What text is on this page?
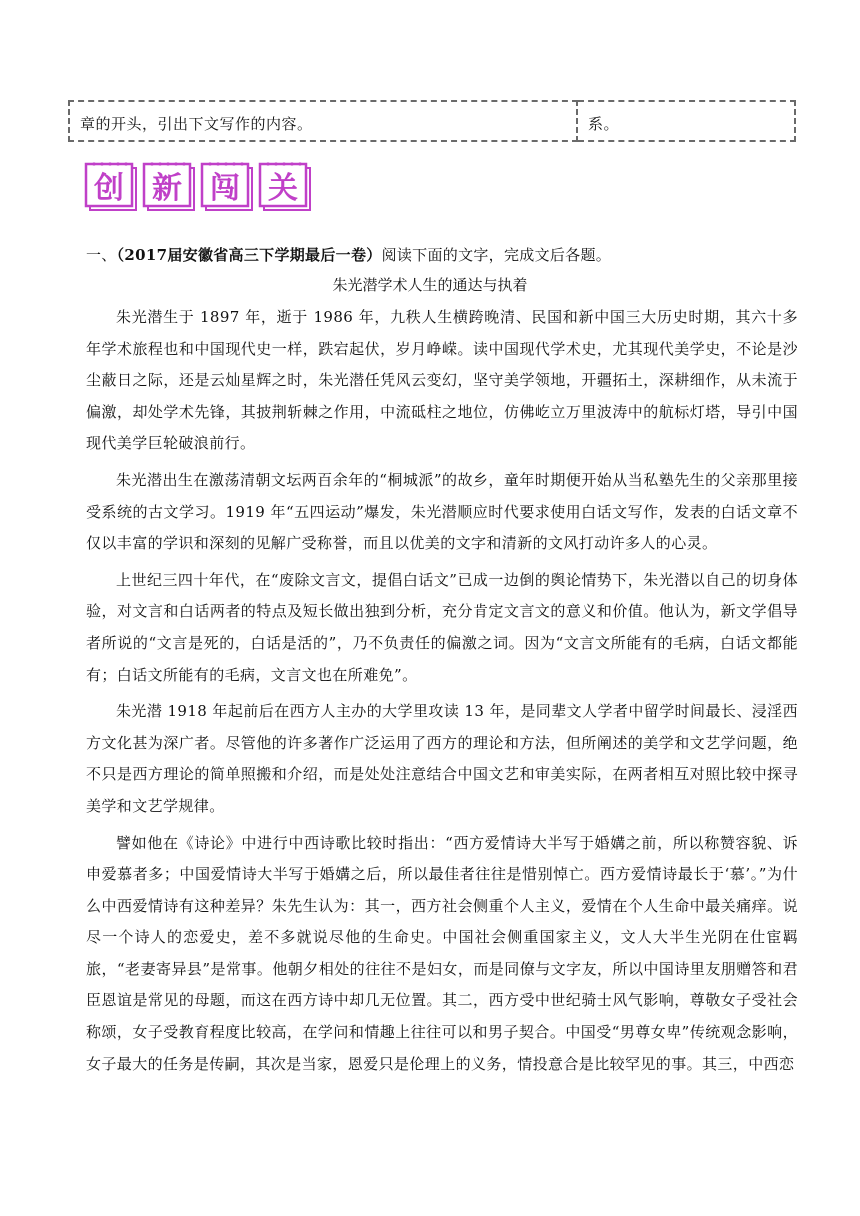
章的开头，引出下文写作的内容。	系。
创 新 闯 关
一、（2017届安徽省高三下学期最后一卷）阅读下面的文字，完成文后各题。
朱光潜学术人生的通达与执着

朱光潜生于 1897 年，逝于 1986 年，九秩人生横跨晚清、民国和新中国三大历史时期，其六十多年学术旅程也和中国现代史一样，跌宕起伏，岁月峥嵘。读中国现代学术史，尤其现代美学史，不论是沙尘蔽日之际，还是云灿星辉之时，朱光潜任凭风云变幻，坚守美学领地，开疆拓土，深耕细作，从未流于偏激，却处学术先锋，其披荆斩棘之作用，中流砥柱之地位，仿佛屹立万里波涛中的航标灯塔，导引中国现代美学巨轮破浪前行。

朱光潜出生在激荡清朝文坛两百余年的“桐城派”的故乡，童年时期便开始从当私塾先生的父亲那里接受系统的古文学习。1919 年“五四运动”爆发，朱光潜顺应时代要求使用白话文写作，发表的白话文章不仅以丰富的学识和深刻的见解广受称誉，而且以优美的文字和清新的文风打动许多人的心灵。

上世纪三四十年代，在“废除文言文，提倡白话文”已成一边倒的舆论情势下，朱光潜以自己的切身体验，对文言和白话两者的特点及短长做出独到分析，充分肯定文言文的意义和价值。他认为，新文学倡导者所说的“文言是死的，白话是活的”，乃不负责任的偏激之词。因为“文言文所能有的毛病，白话文都能有；白话文所能有的毛病，文言文也在所难免”。

朱光潜 1918 年起前后在西方人主办的大学里攻读 13 年，是同辈文人学者中留学时间最长、浸淫西方文化甚为深广者。尽管他的许多著作广泛运用了西方的理论和方法，但所阐述的美学和文艺学问题，绝不只是西方理论的简单照搬和介绍，而是处处注意结合中国文艺和审美实际，在两者相互对照比较中探寻美学和文艺学规律。

譬如他在《诗论》中进行中西诗歌比较时指出：“西方爱情诗大半写于婚媾之前，所以称赞容貌、诉申爱慕者多；中国爱情诗大半写于婚媾之后，所以最佳者往往是惜别悼亡。西方爱情诗最长于‘慕’。”为什么中西爱情诗有这种差异？朱先生认为：其一，西方社会侧重个人主义，爱情在个人生命中最关痛痒。说尽一个诗人的恋爱史，差不多就说尽他的生命史。中国社会侧重国家主义，文人大半生光阴在仕宦羁旅，“老妻寄异县”是常事。他朝夕相处的往往不是妇女，而是同僚与文字友，所以中国诗里友朋赠答和君臣恩谊是常见的母题，而这在西方诗中却几无位置。其二，西方受中世纪骑士风气影响，尊敬女子受社会称颂，女子受教育程度比较高，在学问和情趣上往往可以和男子契合。中国受“男尊女卑”传统观念影响，女子最大的任务是传嗣，其次是当家，恩爱只是伦理上的义务，情投意合是比较罕见的事。其三，中西恋
